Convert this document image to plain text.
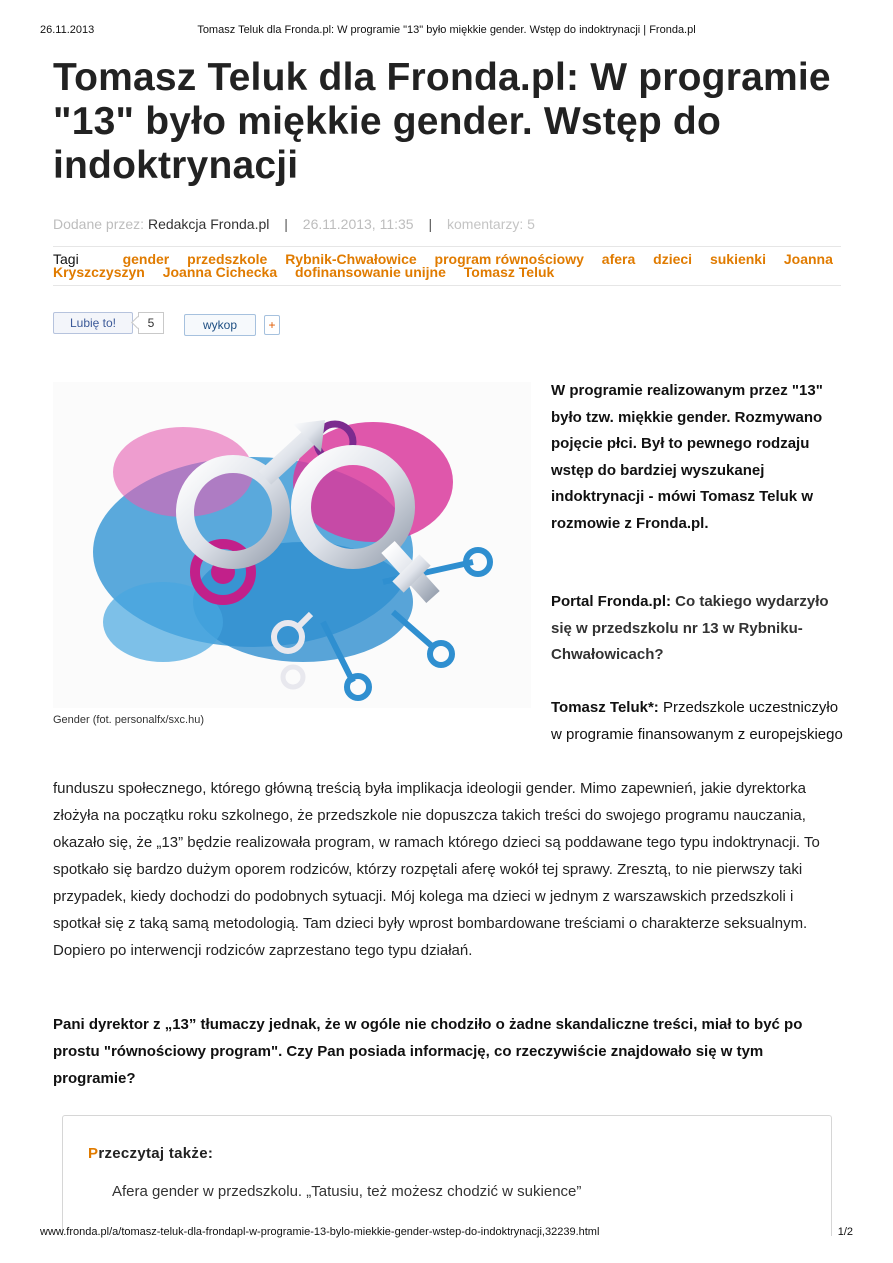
26.11.2013	Tomasz Teluk dla Fronda.pl: W programie "13" było miękkie gender. Wstęp do indoktrynacji | Fronda.pl
Tomasz Teluk dla Fronda.pl: W programie "13" było miękkie gender. Wstęp do indoktrynacji
Dodane przez: Redakcja Fronda.pl | 26.11.2013, 11:35 | komentarzy: 5
Tagi	gender przedszkole Rybnik-Chwałowice program równościowy afera dzieci sukienki Joanna Kryszczyszyn Joanna Cichecka dofinansowanie unijne Tomasz Teluk
Lubię to!	5	wykop	+
Gender (fot. personalfx/sxc.hu)

W programie realizowanym przez "13" było tzw. miękkie gender. Rozmywano pojęcie płci. Był to pewnego rodzaju wstęp do bardziej wyszukanej indoktrynacji - mówi Tomasz Teluk w rozmowie z Fronda.pl.

Portal Fronda.pl: Co takiego wydarzyło się w przedszkolu nr 13 w Rybniku-Chwałowicach?

Tomasz Teluk*: Przedszkole uczestniczyło w programie finansowanym z europejskiego

funduszu społecznego, którego główną treścią była implikacja ideologii gender. Mimo zapewnień, jakie dyrektorka złożyła na początku roku szkolnego, że przedszkole nie dopuszcza takich treści do swojego programu nauczania, okazało się, że „13” będzie realizowała program, w ramach którego dzieci są poddawane tego typu indoktrynacji. To spotkało się bardzo dużym oporem rodziców, którzy rozpętali aferę wokół tej sprawy. Zresztą, to nie pierwszy taki przypadek, kiedy dochodzi do podobnych sytuacji. Mój kolega ma dzieci w jednym z warszawskich przedszkoli i spotkał się z taką samą metodologią. Tam dzieci były wprost bombardowane treściami o charakterze seksualnym. Dopiero po interwencji rodziców zaprzestano tego typu działań.

Pani dyrektor z „13” tłumaczy jednak, że w ogóle nie chodziło o żadne skandaliczne treści, miał to być po prostu "równościowy program". Czy Pan posiada informację, co rzeczywiście znajdowało się w tym programie?

Przeczytaj także:
Afera gender w przedszkolu. „Tatusiu, też możesz chodzić w sukience”
www.fronda.pl/a/tomasz-teluk-dla-frondapl-w-programie-13-bylo-miekkie-gender-wstep-do-indoktrynacji,32239.html	1/2
